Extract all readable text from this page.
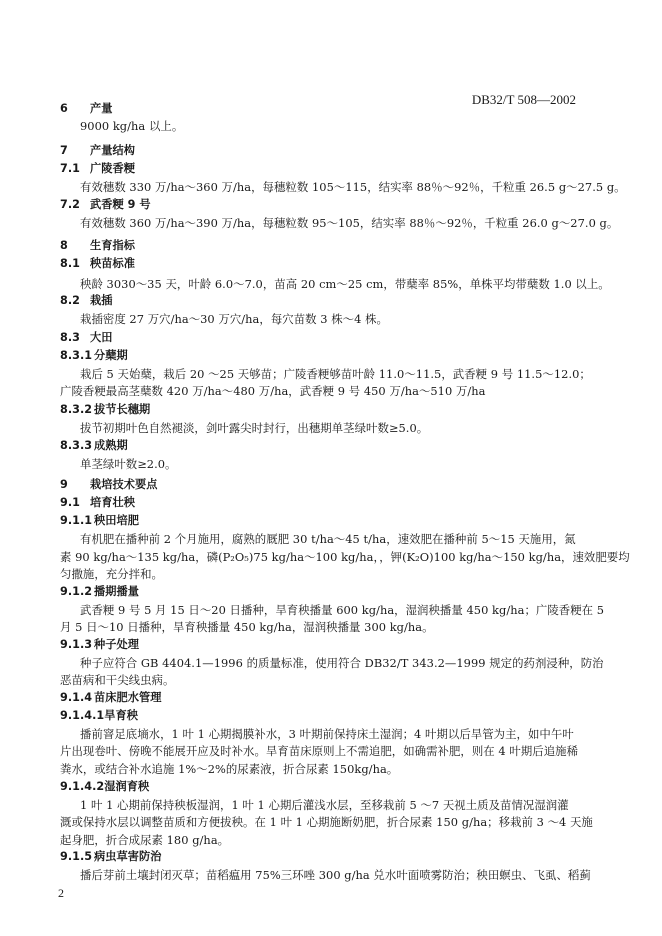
DB32/T 508—2002
6 产量
9000 kg/ha 以上。
7 产量结构
7.1 广陵香粳
有效穗数 330 万/ha～360 万/ha，每穗粒数 105～115，结实率 88％～92％，千粒重 26.5 g～27.5 g。
7.2 武香粳 9 号
有效穗数 360 万/ha～390 万/ha，每穗粒数 95～105，结实率 88％～92％，千粒重 26.0 g～27.0 g。
8 生育指标
8.1 秧苗标准
秧龄 3030～35 天，叶龄 6.0～7.0，苗高 20 cm～25 cm，带蘖率 85%，单株平均带蘖数 1.0 以上。
8.2 栽插
栽插密度 27 万穴/ha～30 万穴/ha，每穴苗数 3 株～4 株。
8.3 大田
8.3.1 分蘖期
栽后 5 天始蘖，栽后 20 ～25 天够苗；广陵香粳够苗叶龄 11.0～11.5，武香粳 9 号 11.5～12.0；
广陵香粳最高茎蘖数 420 万/ha～480 万/ha，武香粳 9 号 450 万/ha～510 万/ha
8.3.2 拔节长穗期
拔节初期叶色自然褪淡，剑叶露尖时封行，出穗期单茎绿叶数≥5.0。
8.3.3 成熟期
单茎绿叶数≥2.0。
9 栽培技术要点
9.1 培育壮秧
9.1.1 秧田培肥
有机肥在播种前 2 个月施用，腐熟的厩肥 30 t/ha～45 t/ha，速效肥在播种前 5～15 天施用，氮
素 90 kg/ha～135 kg/ha，磷(P₂O₅)75 kg/ha～100 kg/ha，，钾(K₂O)100 kg/ha～150 kg/ha，速效肥要均
匀撒施，充分拌和。
9.1.2 播期播量
武香粳 9 号 5 月 15 日～20 日播种，旱育秧播量 600 kg/ha，湿润秧播量 450 kg/ha；广陵香粳在 5
月 5 日～10 日播种，旱育秧播量 450 kg/ha，湿润秧播量 300 kg/ha。
9.1.3 种子处理
种子应符合 GB 4404.1—1996 的质量标准，使用符合 DB32/T 343.2—1999 规定的药剂浸种，防治
恶苗病和干尖线虫病。
9.1.4 苗床肥水管理
9.1.4.1旱育秧
播前窨足底墒水，1 叶 1 心期揭膜补水，3 叶期前保持床土湿润；4 叶期以后旱管为主，如中午叶
片出现卷叶、傍晚不能展开应及时补水。旱育苗床原则上不需追肥，如确需补肥，则在 4 叶期后追施稀
粪水，或结合补水追施 1%～2%的尿素液，折合尿素 150kg/ha。
9.1.4.2湿润育秧
1 叶 1 心期前保持秧板湿润，1 叶 1 心期后灌浅水层，至移栽前 5 ～7 天视土质及苗情况湿润灌
溉或保持水层以调整苗质和方便拔秧。在 1 叶 1 心期施断奶肥，折合尿素 150 g/ha；移栽前 3 ～4 天施
起身肥，折合成尿素 180 g/ha。
9.1.5 病虫草害防治
播后芽前土壤封闭灭草；苗稻瘟用 75%三环唑 300 g/ha 兑水叶面喷雾防治；秧田螟虫、飞虱、稻蓟
2
